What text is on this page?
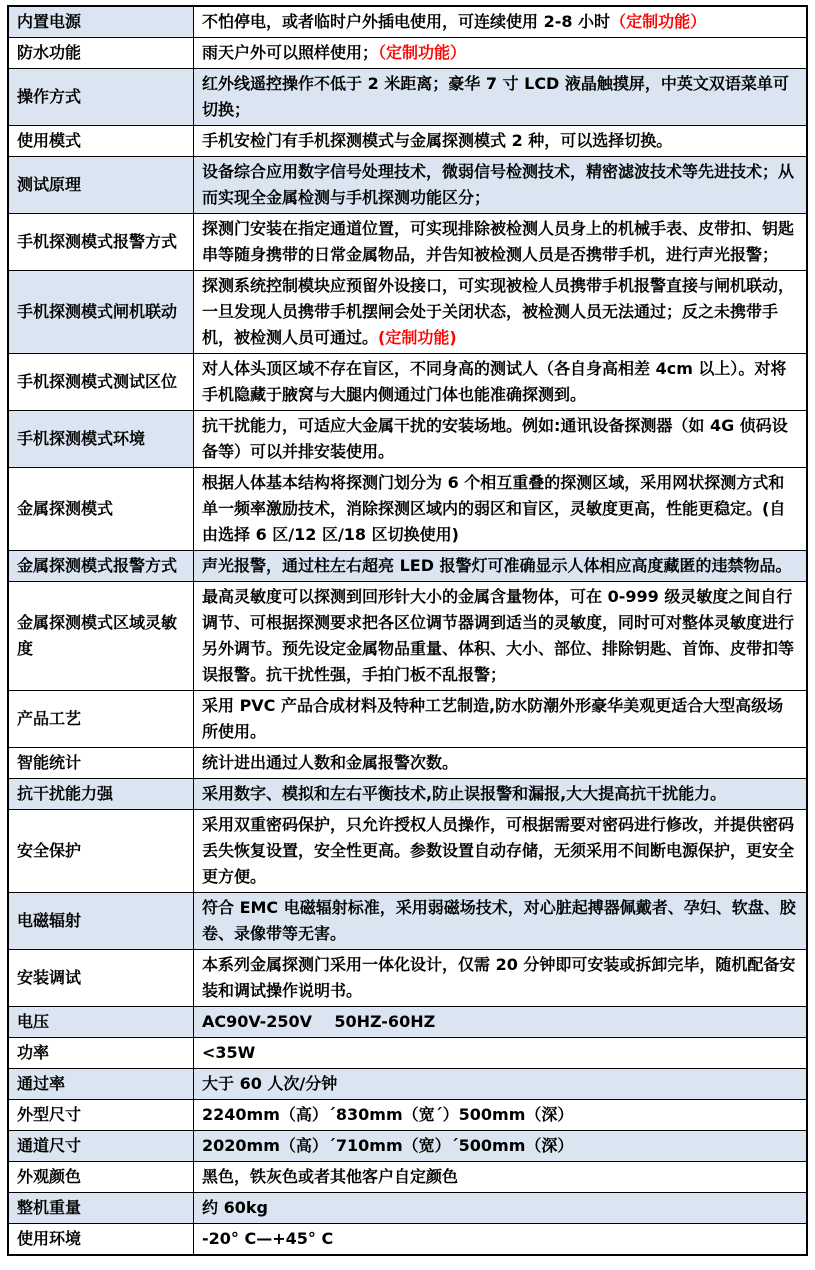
内置电源	不怕停电，或者临时户外插电使用，可连续使用 2-8 小时（定制功能）
防水功能	雨天户外可以照样使用；（定制功能）
操作方式	红外线遥控操作不低于 2 米距离；豪华 7 寸 LCD 液晶触摸屏，中英文双语菜单可切换；
使用模式	手机安检门有手机探测模式与金属探测模式 2 种，可以选择切换。
测试原理	设备综合应用数字信号处理技术，微弱信号检测技术，精密滤波技术等先进技术；从而实现全金属检测与手机探测功能区分；
手机探测模式报警方式	探测门安装在指定通道位置，可实现排除被检测人员身上的机械手表、皮带扣、钥匙串等随身携带的日常金属物品，并告知被检测人员是否携带手机，进行声光报警；
手机探测模式闸机联动	探测系统控制模块应预留外设接口，可实现被检人员携带手机报警直接与闸机联动，一旦发现人员携带手机摆闸会处于关闭状态，被检测人员无法通过；反之未携带手机，被检测人员可通过。(定制功能)
手机探测模式测试区位	对人体头顶区域不存在盲区，不同身高的测试人（各自身高相差 4cm 以上）。对将手机隐藏于腋窝与大腿内侧通过门体也能准确探测到。
手机探测模式环境	抗干扰能力，可适应大金属干扰的安装场地。例如:通讯设备探测器（如 4G 侦码设备等）可以并排安装使用。
金属探测模式	根据人体基本结构将探测门划分为 6 个相互重叠的探测区域，采用网状探测方式和单一频率激励技术，消除探测区域内的弱区和盲区，灵敏度更高，性能更稳定。(自由选择 6 区/12 区/18 区切换使用)
金属探测模式报警方式	声光报警，通过柱左右超亮 LED 报警灯可准确显示人体相应高度藏匿的违禁物品。
金属探测模式区域灵敏度	最高灵敏度可以探测到回形针大小的金属含量物体，可在 0-999 级灵敏度之间自行调节、可根据探测要求把各区位调节器调到适当的灵敏度，同时可对整体灵敏度进行另外调节。预先设定金属物品重量、体积、大小、部位、排除钥匙、首饰、皮带扣等误报警。抗干扰性强，手拍门板不乱报警；
产品工艺	采用 PVC 产品合成材料及特种工艺制造,防水防潮外形豪华美观更适合大型高级场所使用。
智能统计	统计进出通过人数和金属报警次数。
抗干扰能力强	采用数字、模拟和左右平衡技术,防止误报警和漏报,大大提高抗干扰能力。
安全保护	采用双重密码保护，只允许授权人员操作，可根据需要对密码进行修改，并提供密码丢失恢复设置，安全性更高。参数设置自动存储，无须采用不间断电源保护，更安全更方便。
电磁辐射	符合 EMC 电磁辐射标准，采用弱磁场技术，对心脏起搏器佩戴者、孕妇、软盘、胶卷、录像带等无害。
安装调试	本系列金属探测门采用一体化设计，仅需 20 分钟即可安装或拆卸完毕，随机配备安装和调试操作说明书。
电压	AC90V-250V    50HZ-60HZ
功率	<35W
通过率	大于 60 人次/分钟
外型尺寸	2240mm（高）´830mm（宽´）500mm（深）
通道尺寸	2020mm（高）´710mm（宽）´500mm（深）
外观颜色	黑色，铁灰色或者其他客户自定颜色
整机重量	约 60kg
使用环境	-20° C—+45° C
